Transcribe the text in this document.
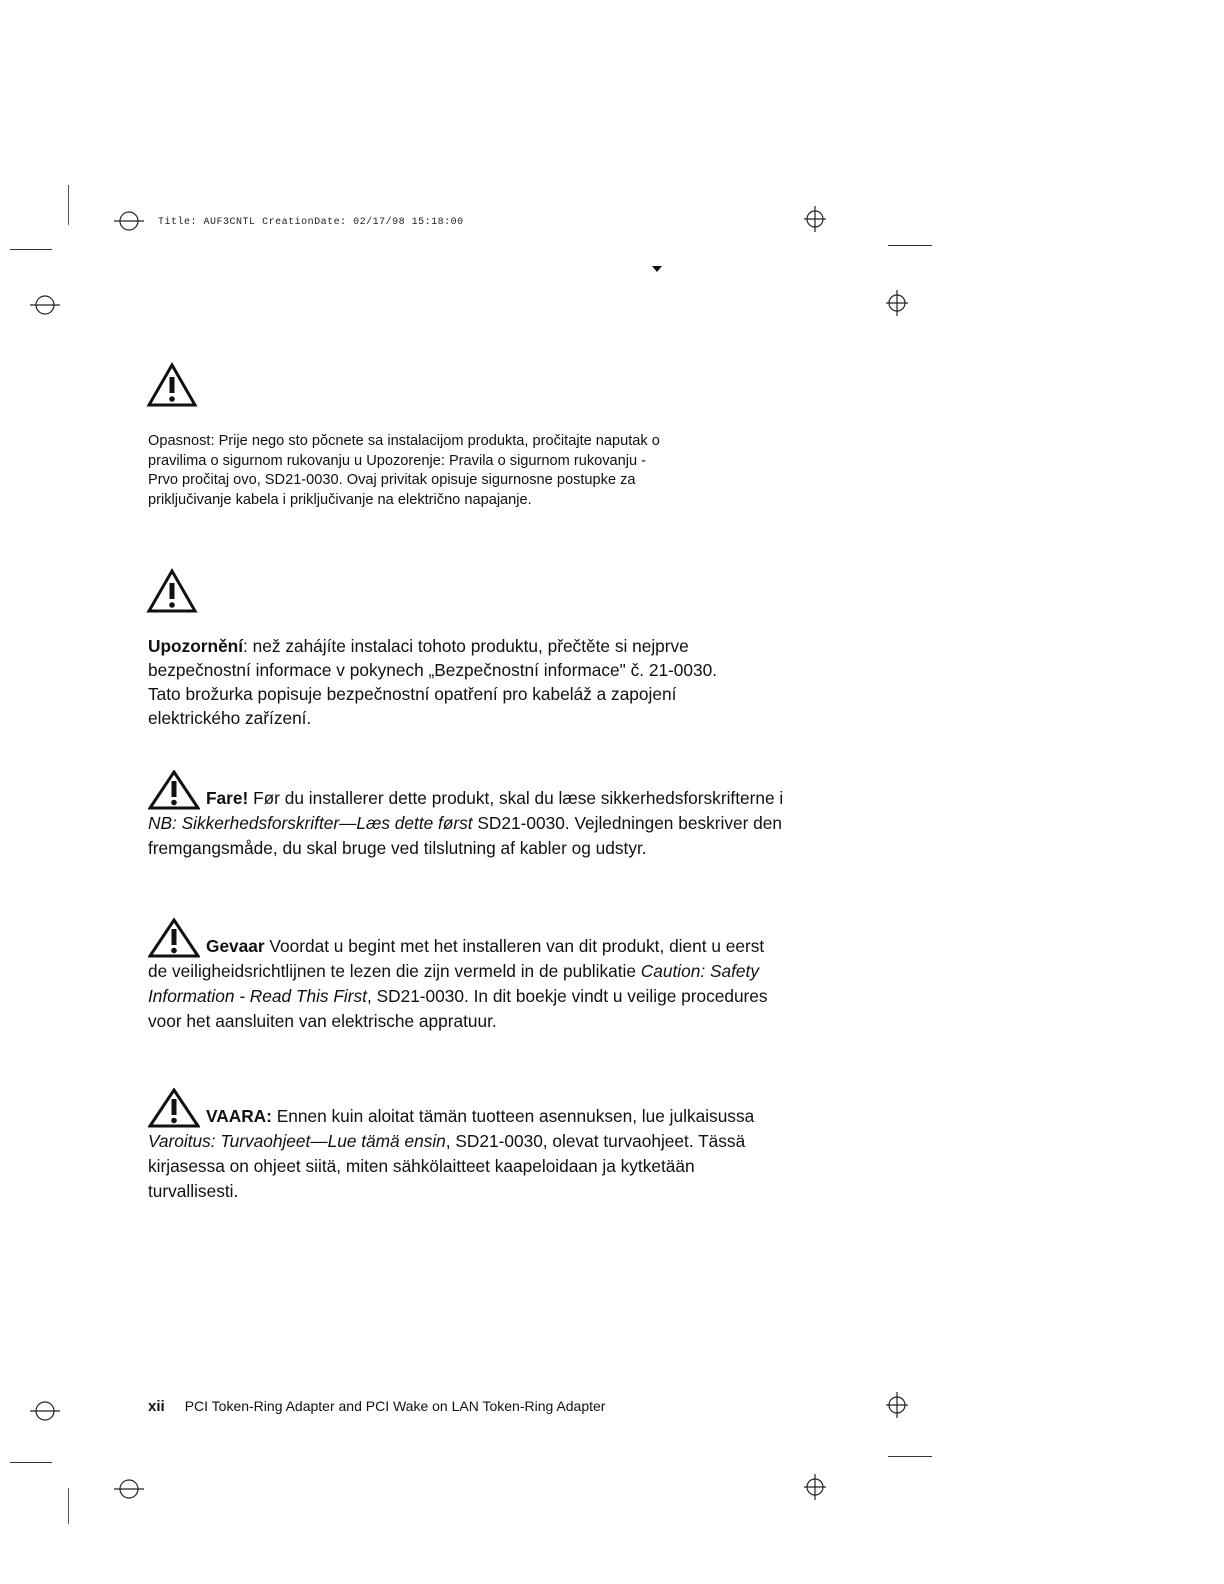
Title: AUF3CNTL CreationDate: 02/17/98 15:18:00
Opasnost: Prije nego sto pŏcnete sa instalacijom produkta, pročitajte naputak o pravilima o sigurnom rukovanju u Upozorenje: Pravila o sigurnom rukovanju - Prvo pročitaj ovo, SD21-0030. Ovaj privitak opisuje sigurnosne postupke za priključivanje kabela i priključivanje na električno napajanje.
Upozornění: než zahájíte instalaci tohoto produktu, přečtěte si nejprve bezpečnostní informace v pokynech „Bezpečnostní informace" č. 21-0030. Tato brožurka popisuje bezpečnostní opatření pro kabeláž a zapojení elektrického zařízení.
Fare! Før du installerer dette produkt, skal du læse sikkerhedsforskrifterne i NB: Sikkerhedsforskrifter—Læs dette først SD21-0030. Vejledningen beskriver den fremgangsmåde, du skal bruge ved tilslutning af kabler og udstyr.
Gevaar Voordat u begint met het installeren van dit produkt, dient u eerst de veiligheidsrichtlijnen te lezen die zijn vermeld in de publikatie Caution: Safety Information - Read This First, SD21-0030. In dit boekje vindt u veilige procedures voor het aansluiten van elektrische appratuur.
VAARA: Ennen kuin aloitat tämän tuotteen asennuksen, lue julkaisussa Varoitus: Turvaohjeet—Lue tämä ensin, SD21-0030, olevat turvaohjeet. Tässä kirjasessa on ohjeet siitä, miten sähkölaitteet kaapeloidaan ja kytketään turvallisesti.
xii PCI Token-Ring Adapter and PCI Wake on LAN Token-Ring Adapter
